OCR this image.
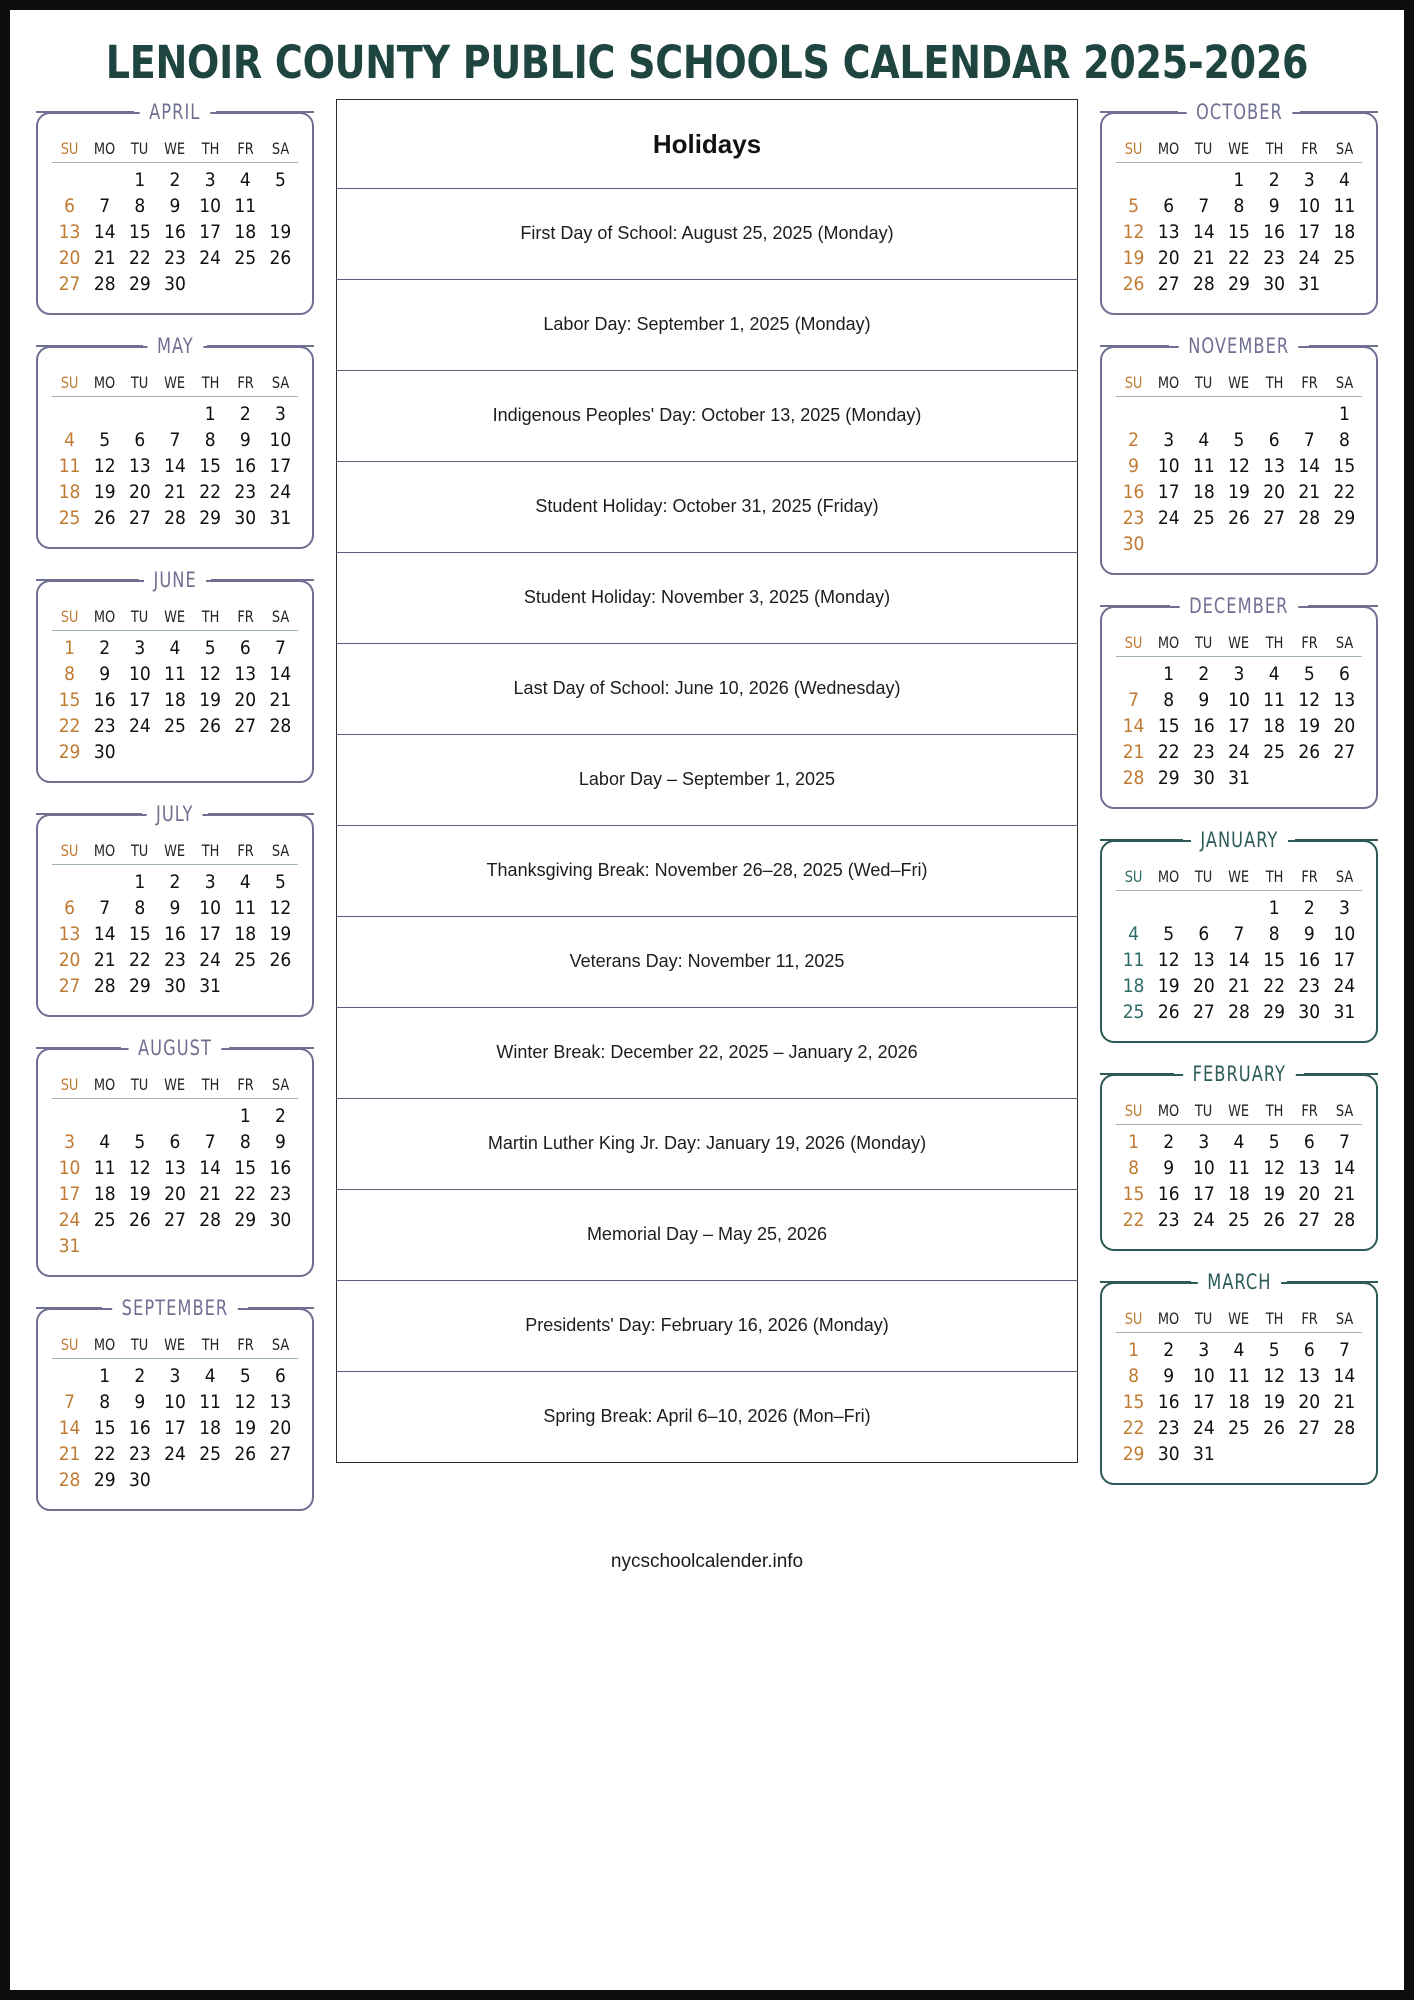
LENOIR COUNTY PUBLIC SCHOOLS CALENDAR 2025-2026
APRIL
SU	MO	TU	WE	TH	FR	SA
		1	2	3	4	5
6	7	8	9	10	11	
13	14	15	16	17	18	19
20	21	22	23	24	25	26
27	28	29	30			
MAY
SU	MO	TU	WE	TH	FR	SA
				1	2	3
4	5	6	7	8	9	10
11	12	13	14	15	16	17
18	19	20	21	22	23	24
25	26	27	28	29	30	31
JUNE
SU	MO	TU	WE	TH	FR	SA
1	2	3	4	5	6	7
8	9	10	11	12	13	14
15	16	17	18	19	20	21
22	23	24	25	26	27	28
29	30					
JULY
SU	MO	TU	WE	TH	FR	SA
		1	2	3	4	5
6	7	8	9	10	11	12
13	14	15	16	17	18	19
20	21	22	23	24	25	26
27	28	29	30	31		
AUGUST
SU	MO	TU	WE	TH	FR	SA
					1	2
3	4	5	6	7	8	9
10	11	12	13	14	15	16
17	18	19	20	21	22	23
24	25	26	27	28	29	30
31						
SEPTEMBER
SU	MO	TU	WE	TH	FR	SA
	1	2	3	4	5	6
7	8	9	10	11	12	13
14	15	16	17	18	19	20
21	22	23	24	25	26	27
28	29	30				
Holidays
First Day of School: August 25, 2025 (Monday)
Labor Day: September 1, 2025 (Monday)
Indigenous Peoples' Day: October 13, 2025 (Monday)
Student Holiday: October 31, 2025 (Friday)
Student Holiday: November 3, 2025 (Monday)
Last Day of School: June 10, 2026 (Wednesday)
Labor Day – September 1, 2025
Thanksgiving Break: November 26–28, 2025 (Wed–Fri)
Veterans Day: November 11, 2025
Winter Break: December 22, 2025 – January 2, 2026
Martin Luther King Jr. Day: January 19, 2026 (Monday)
Memorial Day – May 25, 2026
Presidents' Day: February 16, 2026 (Monday)
Spring Break: April 6–10, 2026 (Mon–Fri)
OCTOBER
SU	MO	TU	WE	TH	FR	SA
			1	2	3	4
5	6	7	8	9	10	11
12	13	14	15	16	17	18
19	20	21	22	23	24	25
26	27	28	29	30	31	
NOVEMBER
SU	MO	TU	WE	TH	FR	SA
						1
2	3	4	5	6	7	8
9	10	11	12	13	14	15
16	17	18	19	20	21	22
23	24	25	26	27	28	29
30						
DECEMBER
SU	MO	TU	WE	TH	FR	SA
	1	2	3	4	5	6
7	8	9	10	11	12	13
14	15	16	17	18	19	20
21	22	23	24	25	26	27
28	29	30	31			
JANUARY
SU	MO	TU	WE	TH	FR	SA
				1	2	3
4	5	6	7	8	9	10
11	12	13	14	15	16	17
18	19	20	21	22	23	24
25	26	27	28	29	30	31
FEBRUARY
SU	MO	TU	WE	TH	FR	SA
1	2	3	4	5	6	7
8	9	10	11	12	13	14
15	16	17	18	19	20	21
22	23	24	25	26	27	28
MARCH
SU	MO	TU	WE	TH	FR	SA
1	2	3	4	5	6	7
8	9	10	11	12	13	14
15	16	17	18	19	20	21
22	23	24	25	26	27	28
29	30	31				
nycschoolcalender.info
